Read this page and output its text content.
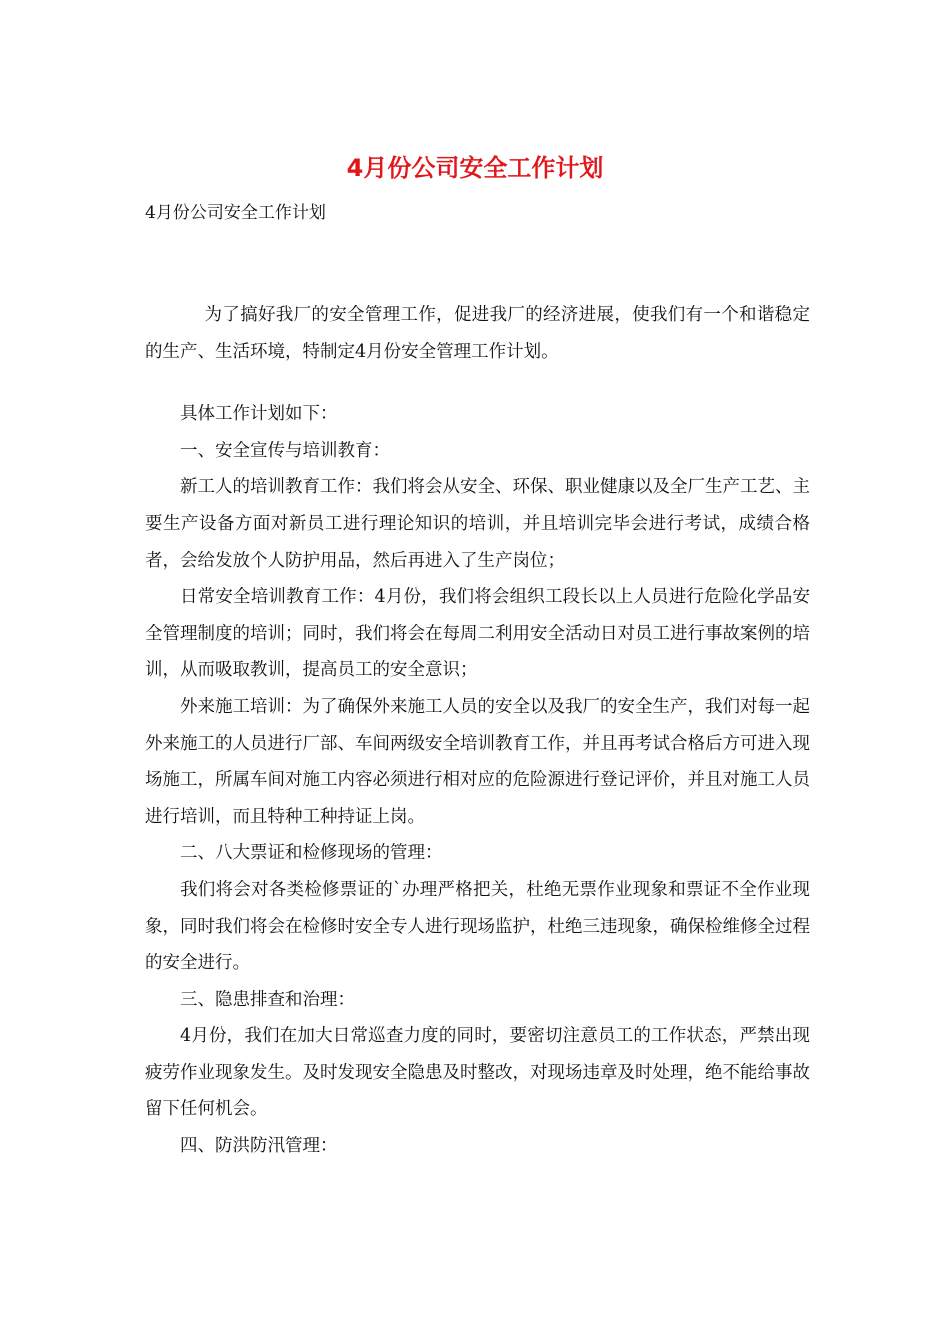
4月份公司安全工作计划

4月份公司安全工作计划

为了搞好我厂的安全管理工作，促进我厂的经济进展，使我们有一个和谐稳定的生产、生活环境，特制定4月份安全管理工作计划。

具体工作计划如下：

一、安全宣传与培训教育：

新工人的培训教育工作：我们将会从安全、环保、职业健康以及全厂生产工艺、主要生产设备方面对新员工进行理论知识的培训，并且培训完毕会进行考试，成绩合格者，会给发放个人防护用品，然后再进入了生产岗位；

日常安全培训教育工作：4月份，我们将会组织工段长以上人员进行危险化学品安全管理制度的培训；同时，我们将会在每周二利用安全活动日对员工进行事故案例的培训，从而吸取教训，提高员工的安全意识；

外来施工培训：为了确保外来施工人员的安全以及我厂的安全生产，我们对每一起外来施工的人员进行厂部、车间两级安全培训教育工作，并且再考试合格后方可进入现场施工，所属车间对施工内容必须进行相对应的危险源进行登记评价，并且对施工人员进行培训，而且特种工种持证上岗。

二、八大票证和检修现场的管理：

我们将会对各类检修票证的`办理严格把关，杜绝无票作业现象和票证不全作业现象，同时我们将会在检修时安全专人进行现场监护，杜绝三违现象，确保检维修全过程的安全进行。

三、隐患排查和治理：

4月份，我们在加大日常巡查力度的同时，要密切注意员工的工作状态，严禁出现疲劳作业现象发生。及时发现安全隐患及时整改，对现场违章及时处理，绝不能给事故留下任何机会。

四、防洪防汛管理：
